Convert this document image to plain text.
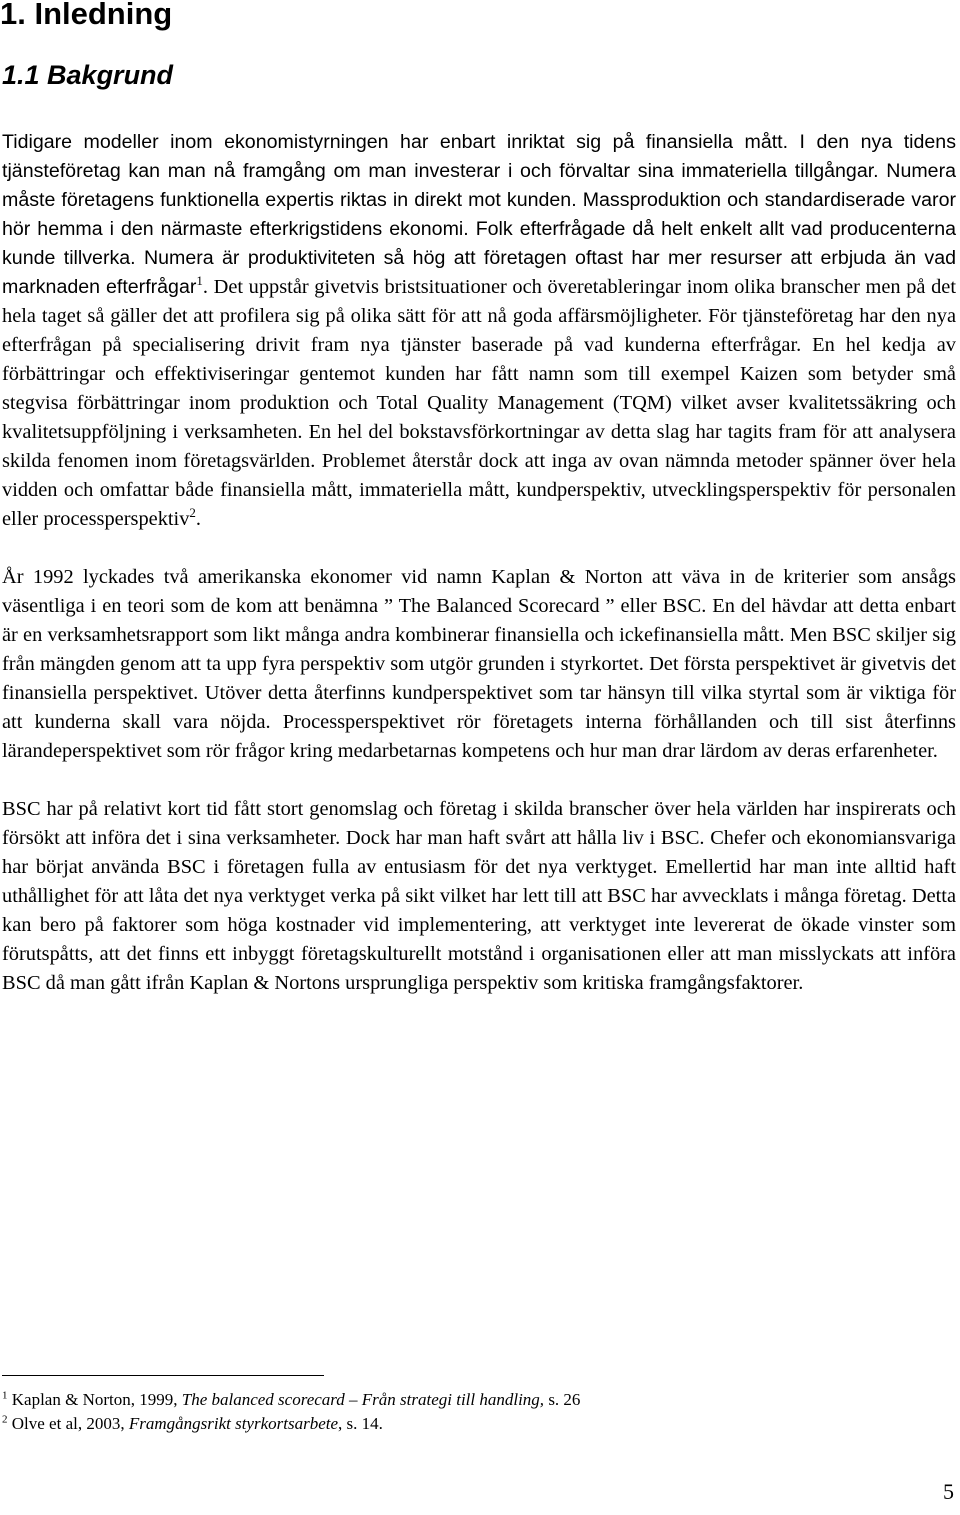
1. Inledning
1.1 Bakgrund

Tidigare modeller inom ekonomistyrningen har enbart inriktat sig på finansiella mått. I den nya tidens tjänsteföretag kan man nå framgång om man investerar i och förvaltar sina immateriella tillgångar. Numera måste företagens funktionella expertis riktas in direkt mot kunden. Massproduktion och standardiserade varor hör hemma i den närmaste efterkrigstidens ekonomi. Folk efterfrågade då helt enkelt allt vad producenterna kunde tillverka. Numera är produktiviteten så hög att företagen oftast har mer resurser att erbjuda än vad marknaden efterfrågar$^1$. Det uppstår givetvis bristsituationer och överetableringar inom olika branscher men på det hela taget så gäller det att profilera sig på olika sätt för att nå goda affärsmöjligheter. För tjänsteföretag har den nya efterfrågan på specialisering drivit fram nya tjänster baserade på vad kunderna efterfrågar. En hel kedja av förbättringar och effektiviseringar gentemot kunden har fått namn som till exempel Kaizen som betyder små stegvisa förbättringar inom produktion och Total Quality Management (TQM) vilket avser kvalitetssäkring och kvalitetsuppföljning i verksamheten. En hel del bokstavsförkortningar av detta slag har tagits fram för att analysera skilda fenomen inom företagsvärlden. Problemet återstår dock att inga av ovan nämnda metoder spänner över hela vidden och omfattar både finansiella mått, immateriella mått, kundperspektiv, utvecklingsperspektiv för personalen eller processperspektiv$^2$.

År 1992 lyckades två amerikanska ekonomer vid namn Kaplan & Norton att väva in de kriterier som ansågs väsentliga i en teori som de kom att benämna ” The Balanced Scorecard ” eller BSC. En del hävdar att detta enbart är en verksamhetsrapport som likt många andra kombinerar finansiella och ickefinansiella mått. Men BSC skiljer sig från mängden genom att ta upp fyra perspektiv som utgör grunden i styrkortet. Det första perspektivet är givetvis det finansiella perspektivet. Utöver detta återfinns kundperspektivet som tar hänsyn till vilka styrtal som är viktiga för att kunderna skall vara nöjda. Processperspektivet rör företagets interna förhållanden och till sist återfinns lärandeperspektivet som rör frågor kring medarbetarnas kompetens och hur man drar lärdom av deras erfarenheter.

BSC har på relativt kort tid fått stort genomslag och företag i skilda branscher över hela världen har inspirerats och försökt att införa det i sina verksamheter. Dock har man haft svårt att hålla liv i BSC. Chefer och ekonomiansvariga har börjat använda BSC i företagen fulla av entusiasm för det nya verktyget. Emellertid har man inte alltid haft uthållighet för att låta det nya verktyget verka på sikt vilket har lett till att BSC har avvecklats i många företag. Detta kan bero på faktorer som höga kostnader vid implementering, att verktyget inte levererat de ökade vinster som förutspåtts, att det finns ett inbyggt företagskulturellt motstånd i organisationen eller att man misslyckats att införa BSC då man gått ifrån Kaplan & Nortons ursprungliga perspektiv som kritiska framgångsfaktorer.

$^1$ Kaplan & Norton, 1999, The balanced scorecard – Från strategi till handling, s. 26
$^2$ Olve et al, 2003, Framgångsrikt styrkortsarbete, s. 14.
5
